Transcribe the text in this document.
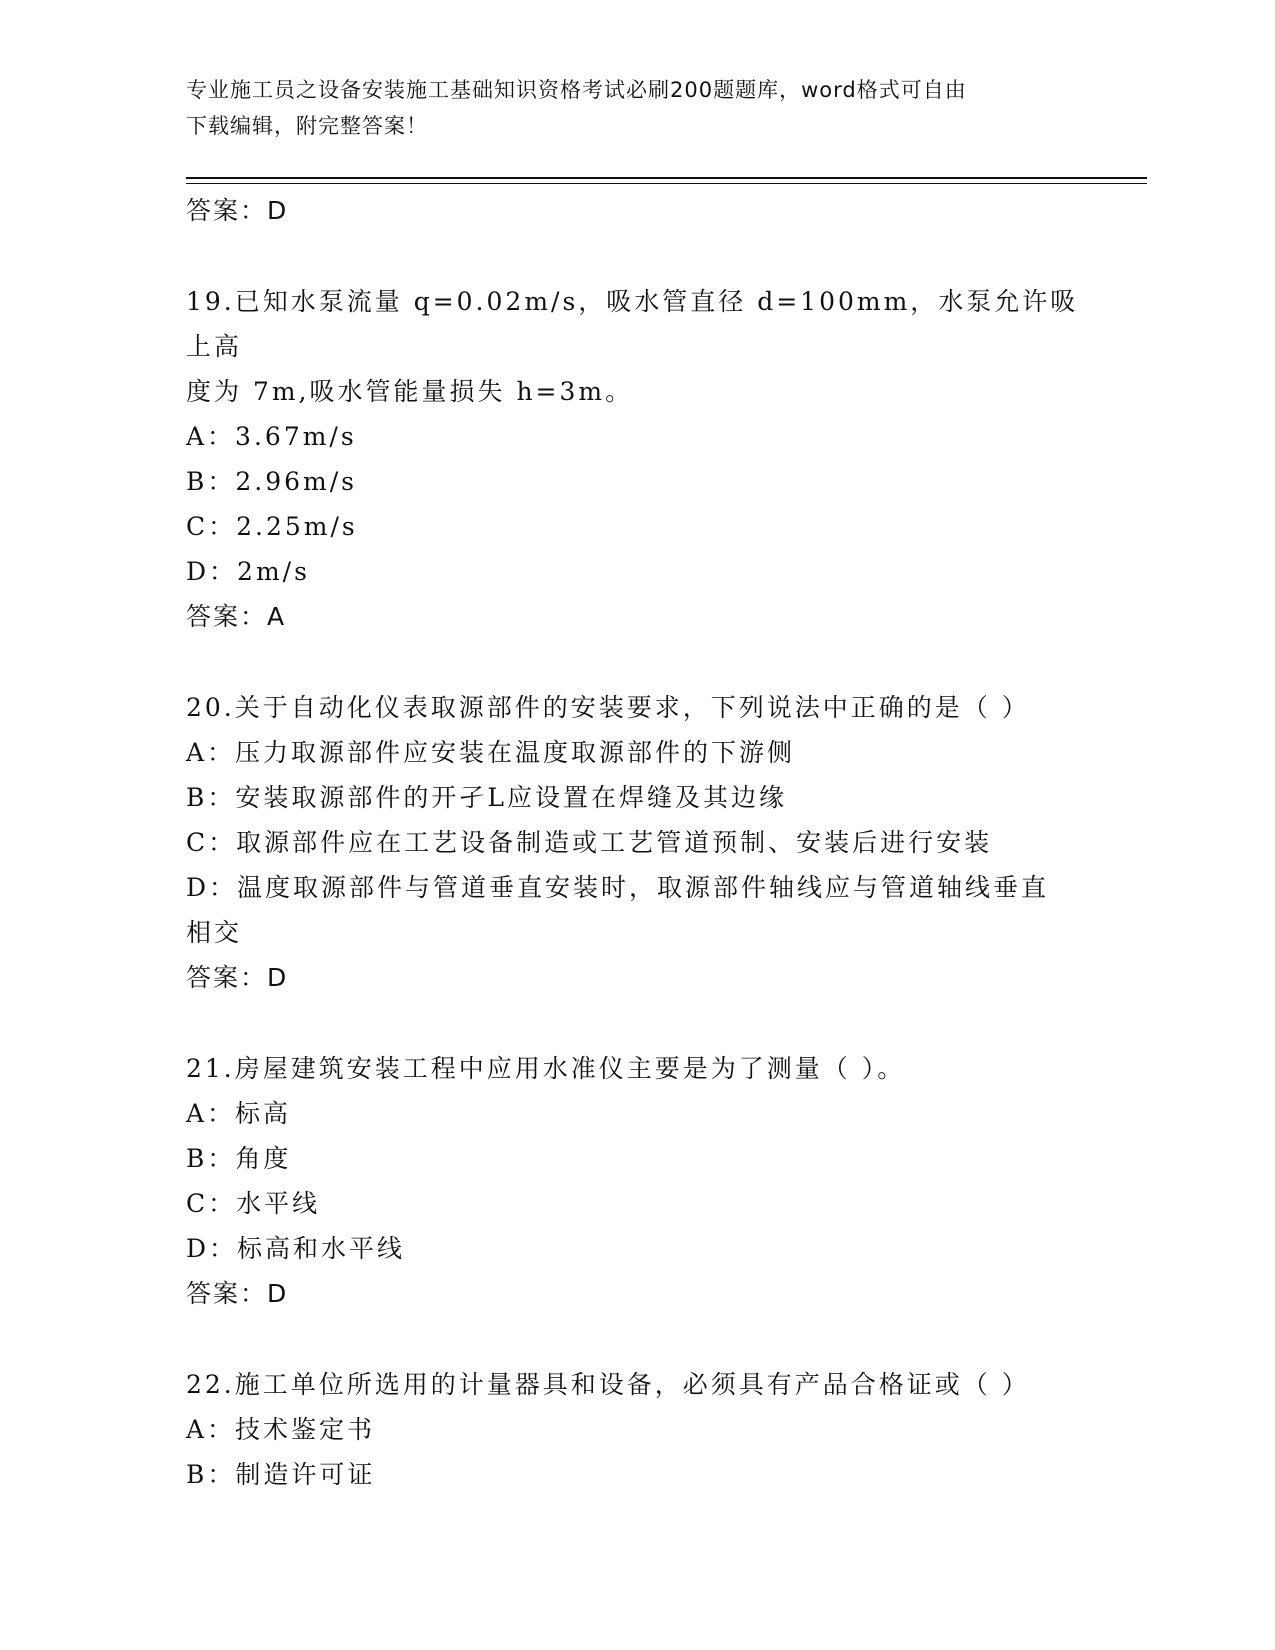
专业施工员之设备安装施工基础知识资格考试必刷200题题库，word格式可自由
下载编辑，附完整答案！
答案：D
19.已知水泵流量 q=0.02m/s，吸水管直径 d=100mm，水泵允许吸上高
度为 7m,吸水管能量损失 h=3m。
A：3.67m/s
B：2.96m/s
C：2.25m/s
D：2m/s
答案：A
20.关于自动化仪表取源部件的安装要求，下列说法中正确的是（ ）
A：压力取源部件应安装在温度取源部件的下游侧
B：安装取源部件的开孑L应设置在焊缝及其边缘
C：取源部件应在工艺设备制造或工艺管道预制、安装后进行安装
D：温度取源部件与管道垂直安装时，取源部件轴线应与管道轴线垂直
相交
答案：D
21.房屋建筑安装工程中应用水准仪主要是为了测量（ ）。
A：标高
B：角度
C：水平线
D：标高和水平线
答案：D
22.施工单位所选用的计量器具和设备，必须具有产品合格证或（ ）
A：技术鉴定书
B：制造许可证
